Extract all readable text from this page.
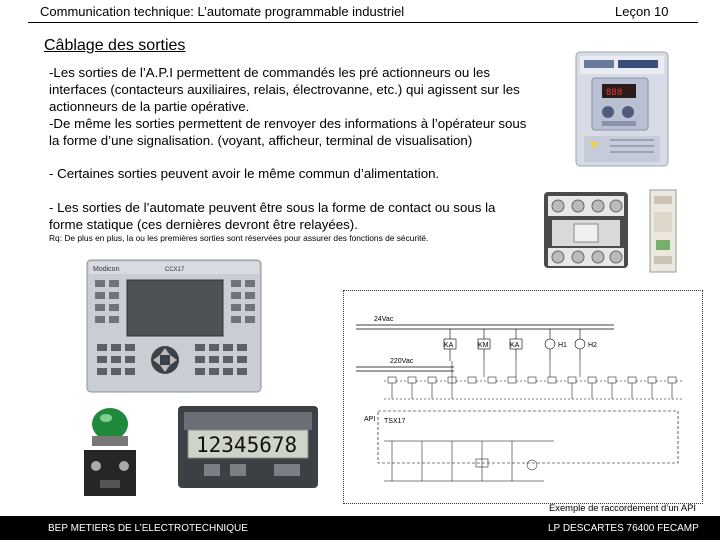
Communication technique: L’automate programmable industriel	Leçon 10
Câblage des sorties
-Les sorties de l’A.P.I permettent de commandés les pré actionneurs ou les
interfaces (contacteurs auxiliaires, relais, électrovanne, etc.) qui agissent sur les
actionneurs de la partie opérative.
-De même les sorties permettent de renvoyer des informations à l’opérateur sous
la forme d’une signalisation. (voyant, afficheur, terminal de visualisation)
- Certaines sorties peuvent avoir le même commun d’alimentation.
- Les sorties de l’automate peuvent être sous la forme de contact ou sous la
forme statique (ces dernières devront être relayées).
Rq: De plus en plus, la ou les premières sorties sont réservées pour assurer des fonctions de sécurité.
888
Modicon	CCX17
12345678
24Vac
KA	KM	KA	H1	H2
220Vac
API TSX17
Exemple de raccordement d’un API
BEP METIERS DE L’ELECTROTECHNIQUE	LP DESCARTES 76400 FECAMP
